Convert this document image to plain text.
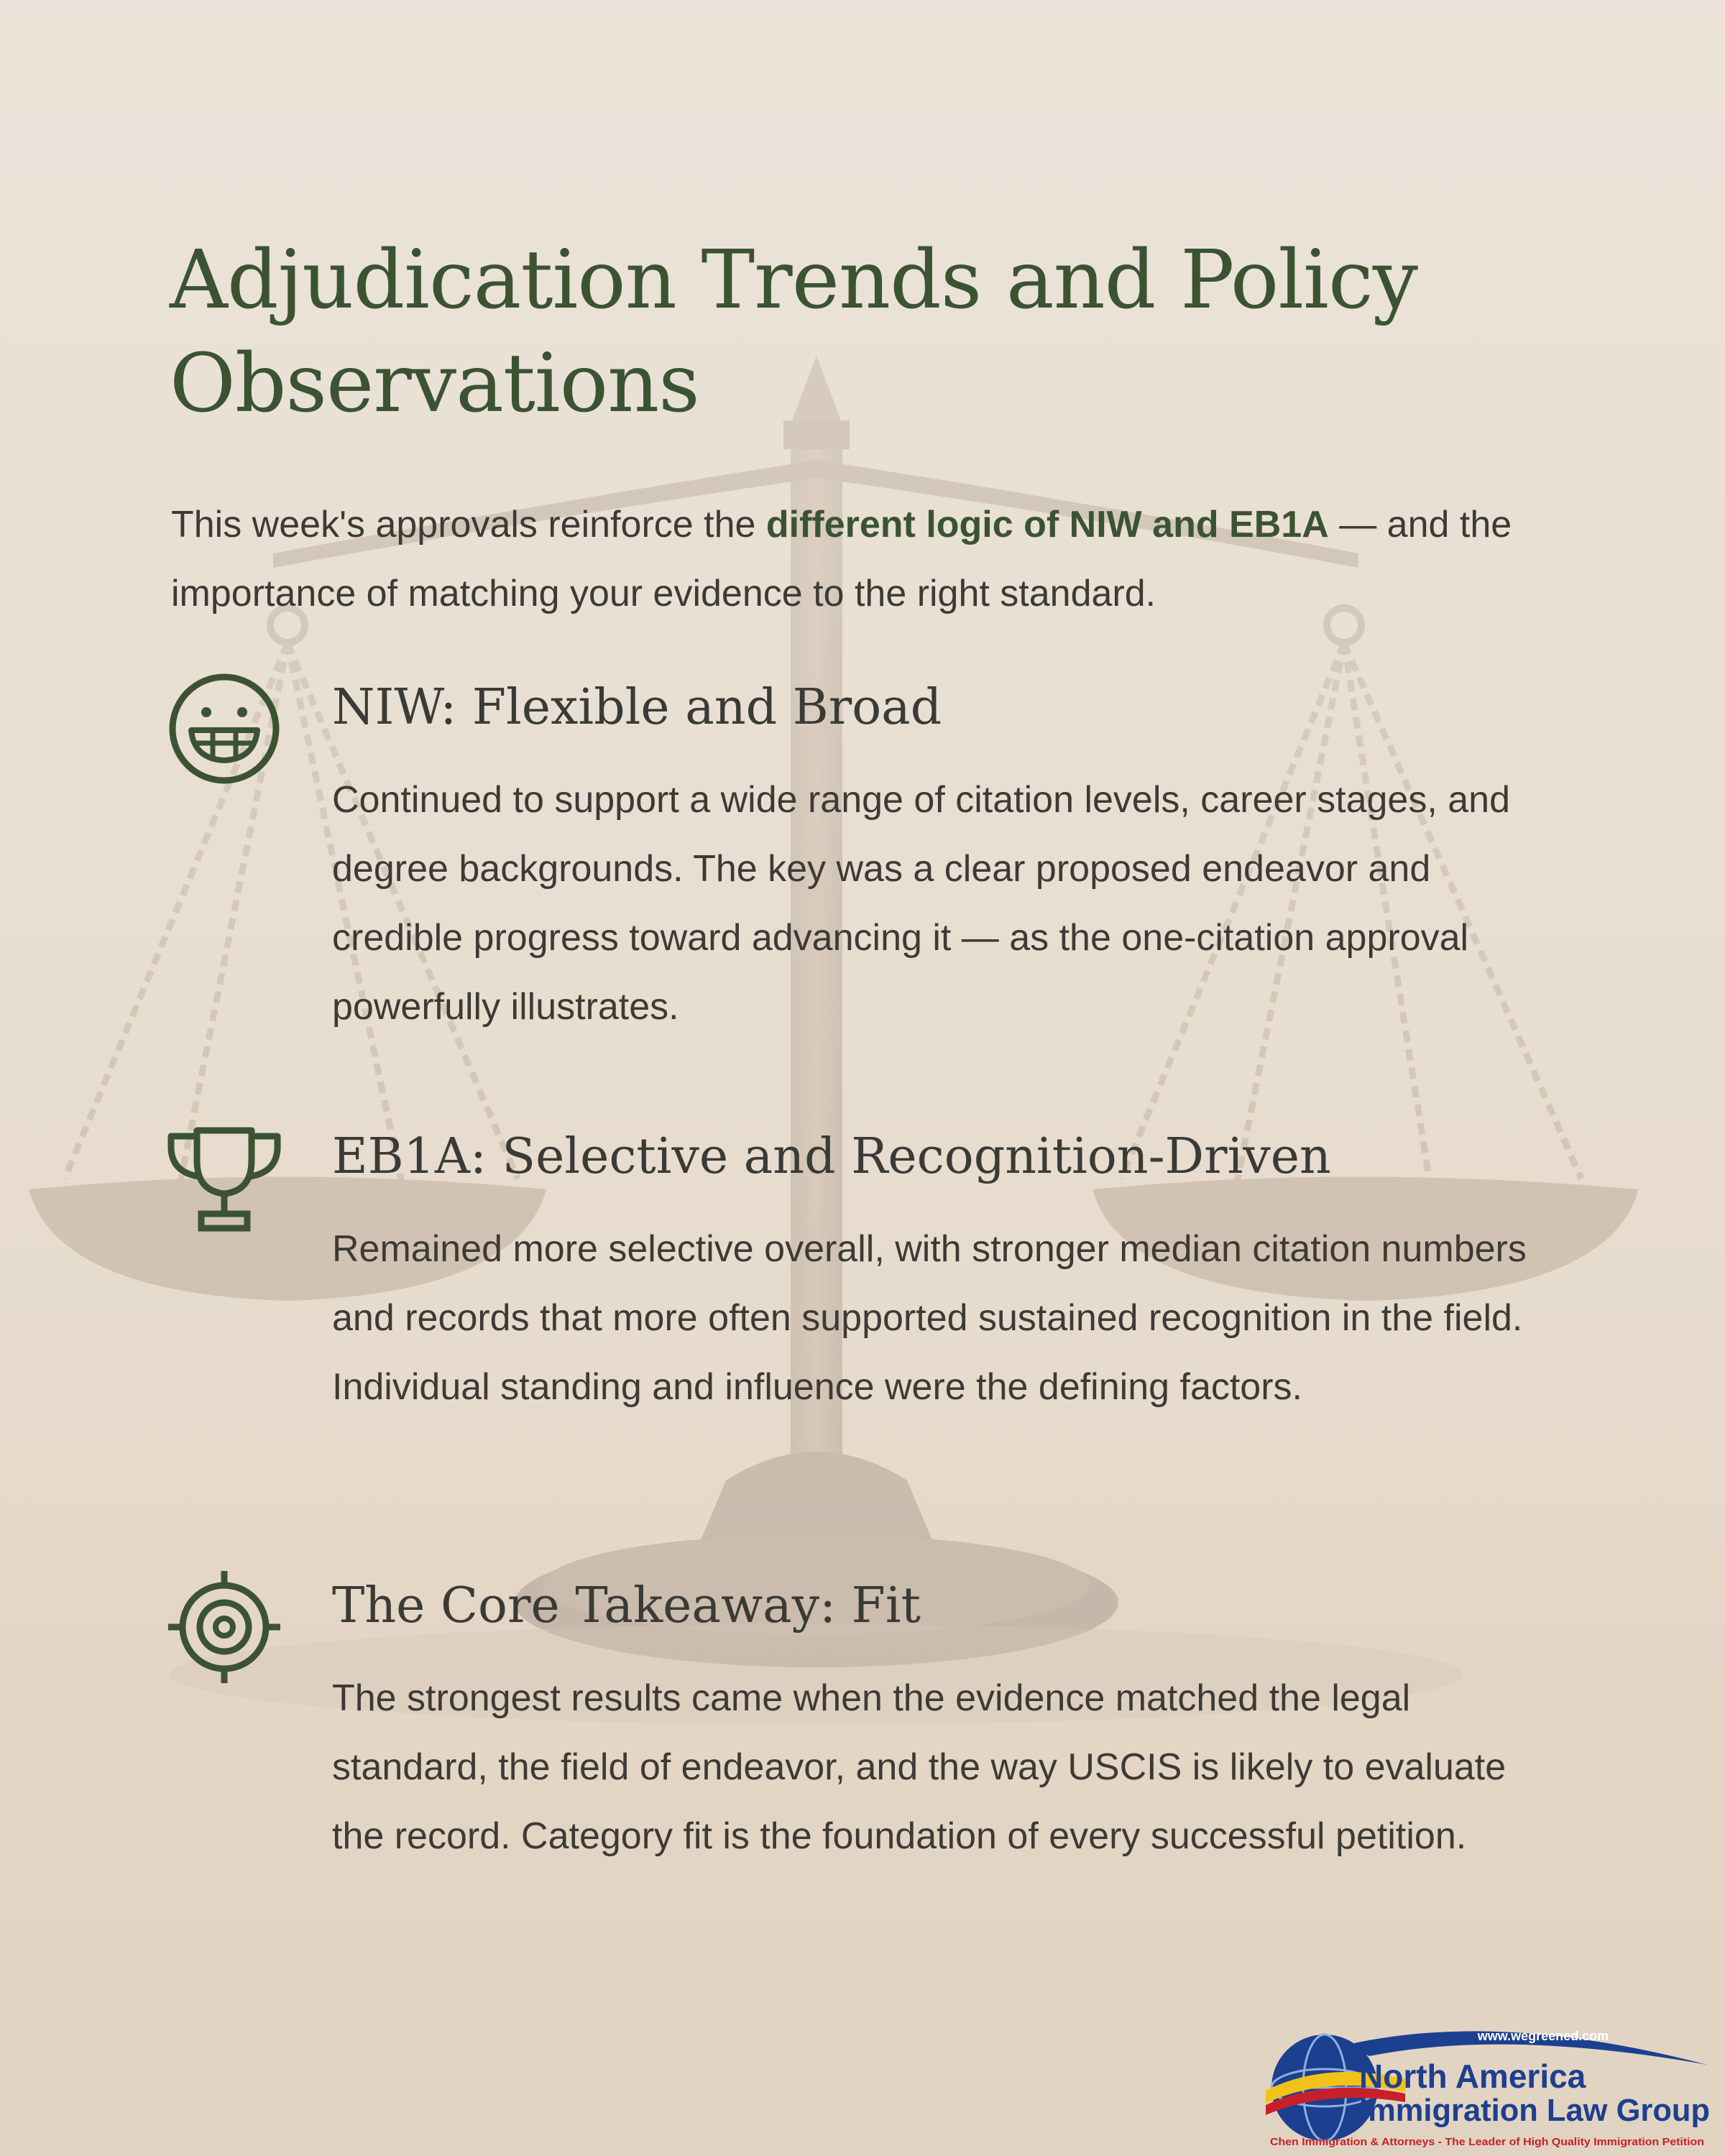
Adjudication Trends and Policy Observations

This week's approvals reinforce the different logic of NIW and EB1A — and the importance of matching your evidence to the right standard.

NIW: Flexible and Broad

Continued to support a wide range of citation levels, career stages, and degree backgrounds. The key was a clear proposed endeavor and credible progress toward advancing it — as the one-citation approval powerfully illustrates.

EB1A: Selective and Recognition-Driven

Remained more selective overall, with stronger median citation numbers and records that more often supported sustained recognition in the field. Individual standing and influence were the defining factors.

The Core Takeaway: Fit

The strongest results came when the evidence matched the legal standard, the field of endeavor, and the way USCIS is likely to evaluate the record. Category fit is the foundation of every successful petition.

www.wegreened.com
North America
Immigration Law Group
Chen Immigration & Attorneys - The Leader of High Quality Immigration Petition
